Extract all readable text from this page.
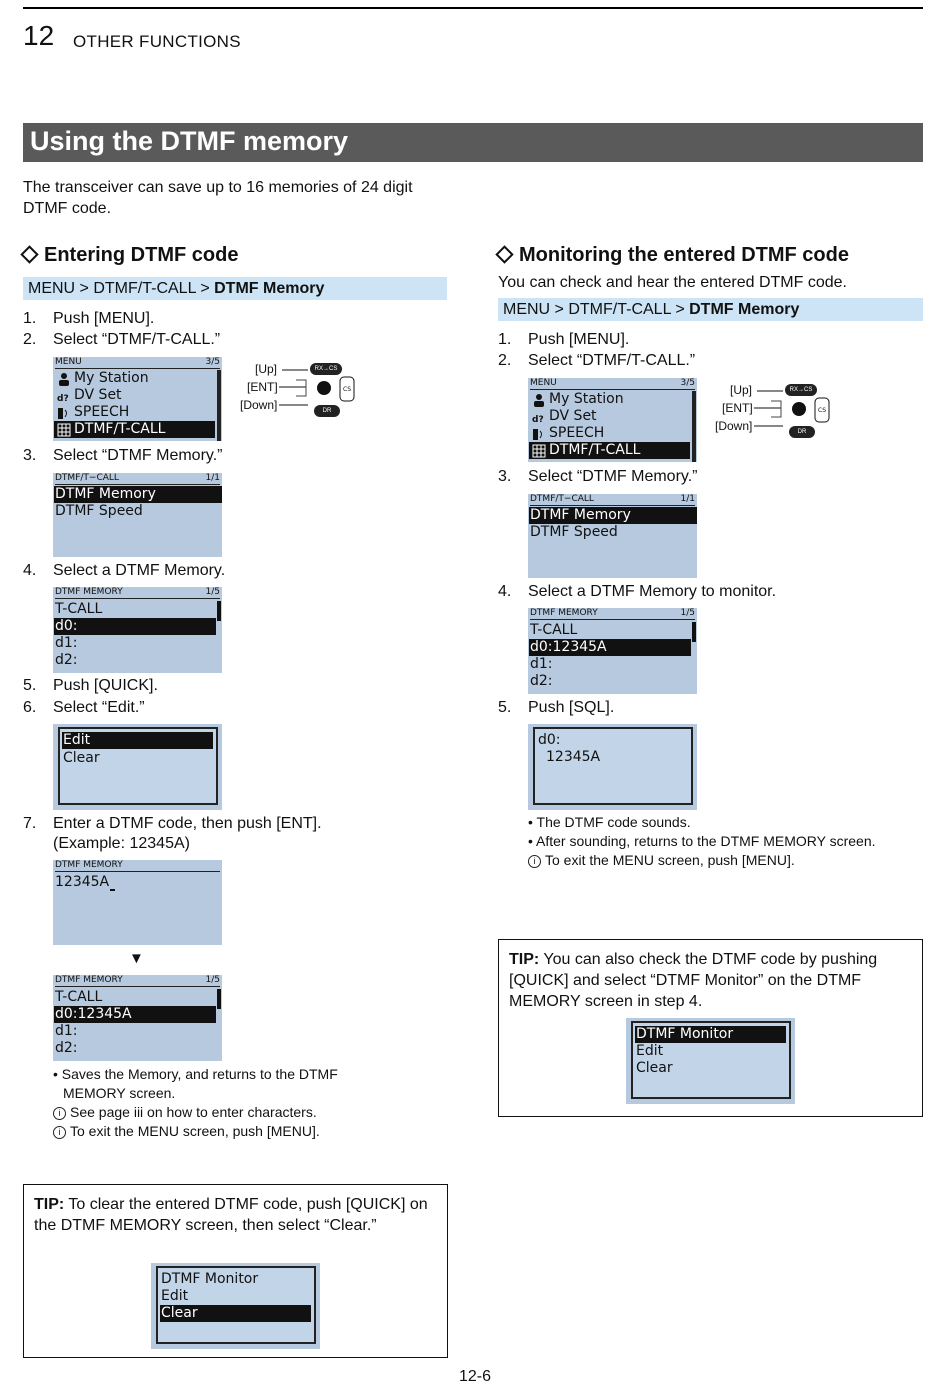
12 OTHER FUNCTIONS
Using the DTMF memory
The transceiver can save up to 16 memories of 24 digit DTMF code.
Entering DTMF code
MENU > DTMF/T-CALL > DTMF Memory
1. Push [MENU].
2. Select “DTMF/T-CALL.”
MENU	3/5
My Station
DV Set
SPEECH
DTMF/T-CALL
d?
[Up]
[ENT]
[Down]
CS
RX→CS
DR
3. Select “DTMF Memory.”
DTMF/T−CALL	1/1
DTMF Memory
DTMF Speed
4. Select a DTMF Memory.
DTMF MEMORY	1/5
T-CALL
d0:
d1:
d2:
5. Push [QUICK].
6. Select “Edit.”
Edit
Clear
7. Enter a DTMF code, then push [ENT].
(Example: 12345A)
DTMF MEMORY
12345A
▼
DTMF MEMORY	1/5
T-CALL
d0:12345A
d1:
d2:
• Saves the Memory, and returns to the DTMF
MEMORY screen.
i See page iii on how to enter characters.
i To exit the MENU screen, push [MENU].
TIP: To clear the entered DTMF code, push [QUICK] on the DTMF MEMORY screen, then select “Clear.”
DTMF Monitor
Edit
Clear
Monitoring the entered DTMF code
You can check and hear the entered DTMF code.
MENU > DTMF/T-CALL > DTMF Memory
1. Push [MENU].
2. Select “DTMF/T-CALL.”
MENU	3/5
My Station
DV Set
SPEECH
DTMF/T-CALL
d?
[Up]
[ENT]
[Down]
CS
RX→CS
DR
3. Select “DTMF Memory.”
DTMF/T−CALL	1/1
DTMF Memory
DTMF Speed
4. Select a DTMF Memory to monitor.
DTMF MEMORY	1/5
T-CALL
d0:12345A
d1:
d2:
5. Push [SQL].
d0:
12345A
• The DTMF code sounds.
• After sounding, returns to the DTMF MEMORY screen.
i To exit the MENU screen, push [MENU].
TIP: You can also check the DTMF code by pushing [QUICK] and select “DTMF Monitor” on the DTMF MEMORY screen in step 4.
DTMF Monitor
Edit
Clear
12-6
